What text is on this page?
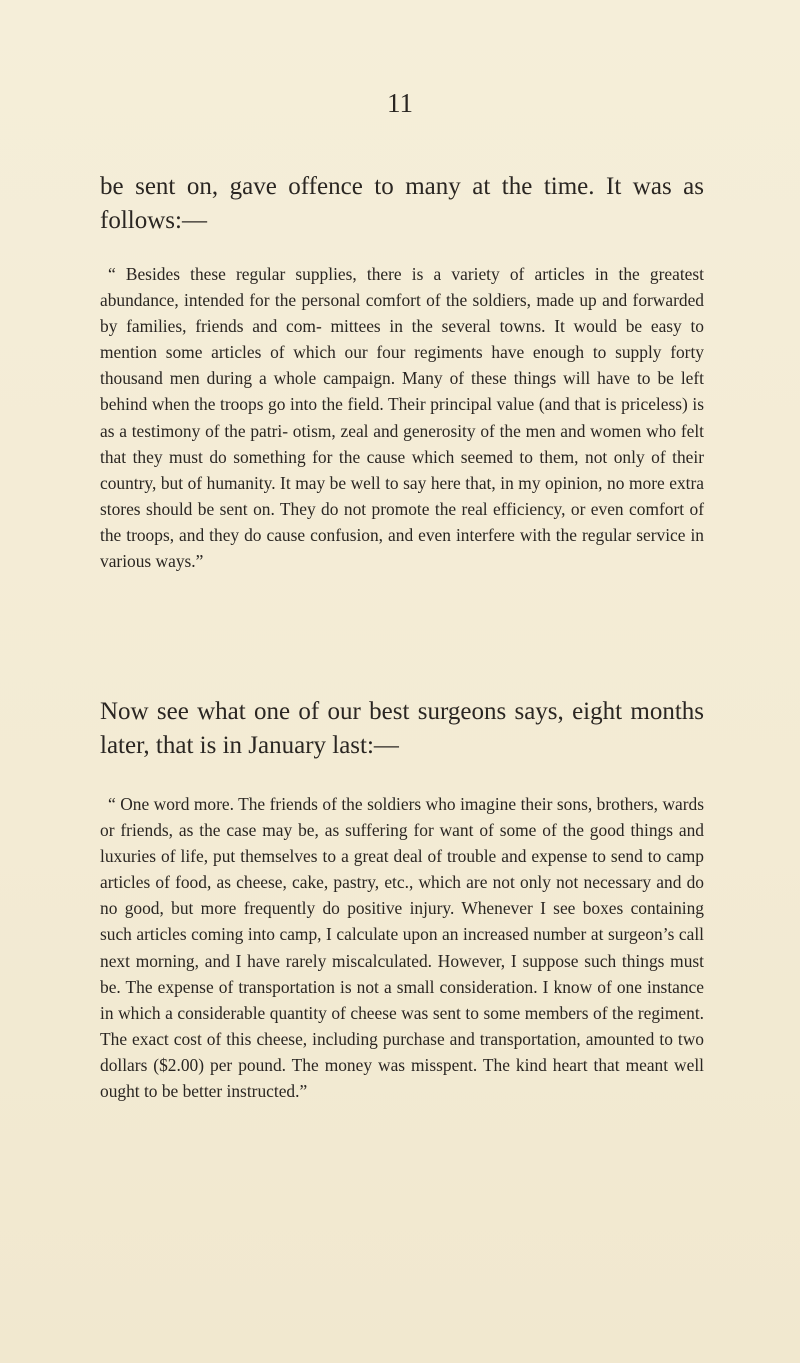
11

be sent on, gave offence to many at the time. It was as follows:—

“ Besides these regular supplies, there is a variety of articles in the greatest abundance, intended for the personal comfort of the soldiers, made up and forwarded by families, friends and com- mittees in the several towns. It would be easy to mention some articles of which our four regiments have enough to supply forty thousand men during a whole campaign. Many of these things will have to be left behind when the troops go into the field. Their principal value (and that is priceless) is as a testimony of the patri- otism, zeal and generosity of the men and women who felt that they must do something for the cause which seemed to them, not only of their country, but of humanity. It may be well to say here that, in my opinion, no more extra stores should be sent on. They do not promote the real efficiency, or even comfort of the troops, and they do cause confusion, and even interfere with the regular service in various ways.”

Now see what one of our best surgeons says, eight months later, that is in January last:—

“ One word more. The friends of the soldiers who imagine their sons, brothers, wards or friends, as the case may be, as suffering for want of some of the good things and luxuries of life, put themselves to a great deal of trouble and expense to send to camp articles of food, as cheese, cake, pastry, etc., which are not only not necessary and do no good, but more frequently do positive injury. Whenever I see boxes containing such articles coming into camp, I calculate upon an increased number at surgeon’s call next morning, and I have rarely miscalculated. However, I suppose such things must be. The expense of transportation is not a small consideration. I know of one instance in which a considerable quantity of cheese was sent to some members of the regiment. The exact cost of this cheese, including purchase and transportation, amounted to two dollars ($2.00) per pound. The money was misspent. The kind heart that meant well ought to be better instructed.”
